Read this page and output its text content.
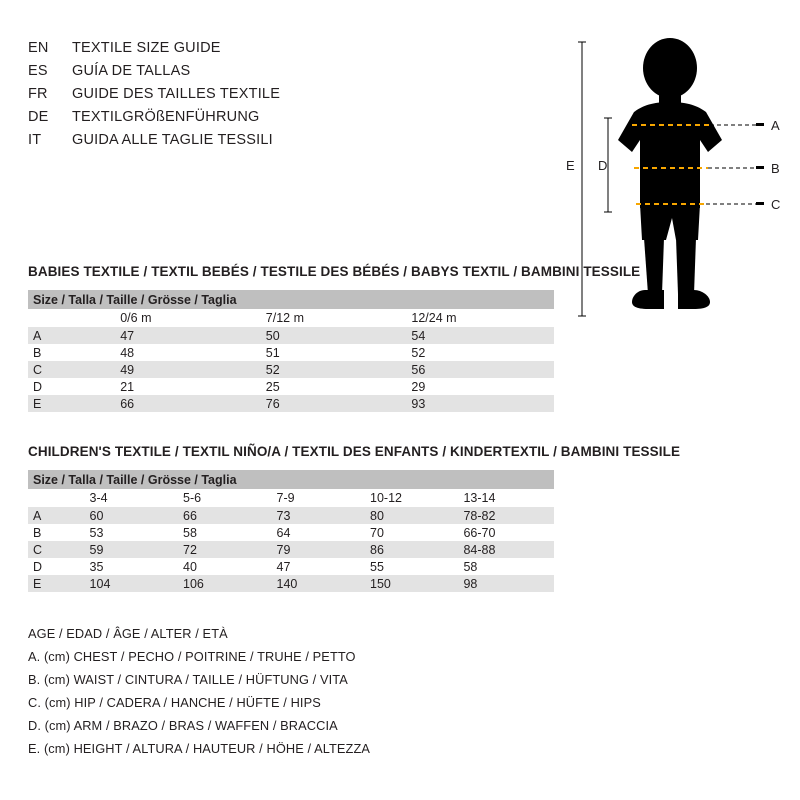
EN	TEXTILE SIZE GUIDE
ES	GUÍA DE TALLAS
FR	GUIDE DES TAILLES TEXTILE
DE	TEXTILGRÖßENFÜHRUNG
IT	GUIDA ALLE TAGLIE TESSILI
A
B
C
D
E
BABIES TEXTILE / TEXTIL BEBÉS / TESTILE DES BÉBÉS / BABYS TEXTIL / BAMBINI TESSILE
Size / Talla / Taille / Grösse / Taglia			
	0/6 m	7/12 m	12/24 m
A	47	50	54
B	48	51	52
C	49	52	56
D	21	25	29
E	66	76	93
CHILDREN'S TEXTILE / TEXTIL NIÑO/A / TEXTIL DES ENFANTS / KINDERTEXTIL / BAMBINI TESSILE
Size / Talla / Taille / Grösse / Taglia					
	3-4	5-6	7-9	10-12	13-14
A	60	66	73	80	78-82
B	53	58	64	70	66-70
C	59	72	79	86	84-88
D	35	40	47	55	58
E	104	106	140	150	98
AGE / EDAD / ÂGE / ALTER / ETÀ
A. (cm) CHEST / PECHO / POITRINE / TRUHE / PETTO
B. (cm) WAIST / CINTURA / TAILLE / HÜFTUNG / VITA
C. (cm) HIP / CADERA / HANCHE / HÜFTE / HIPS
D. (cm) ARM / BRAZO / BRAS / WAFFEN / BRACCIA
E. (cm) HEIGHT / ALTURA / HAUTEUR / HÖHE / ALTEZZA
